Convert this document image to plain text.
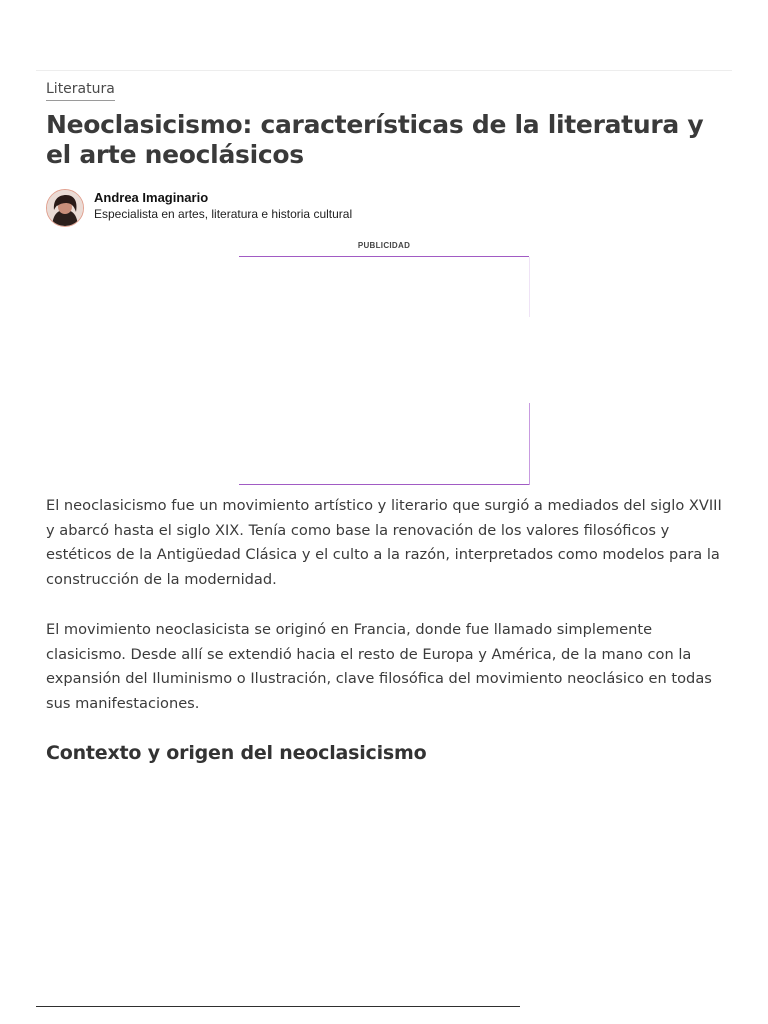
Literatura
Neoclasicismo: características de la literatura y el arte neoclásicos
Andrea Imaginario
Especialista en artes, literatura e historia cultural
PUBLICIDAD

El neoclasicismo fue un movimiento artístico y literario que surgió a mediados del siglo XVIII y abarcó hasta el siglo XIX. Tenía como base la renovación de los valores filosóficos y estéticos de la Antigüedad Clásica y el culto a la razón, interpretados como modelos para la construcción de la modernidad.

El movimiento neoclasicista se originó en Francia, donde fue llamado simplemente clasicismo. Desde allí se extendió hacia el resto de Europa y América, de la mano con la expansión del Iluminismo o Ilustración, clave filosófica del movimiento neoclásico en todas sus manifestaciones.

Contexto y origen del neoclasicismo
